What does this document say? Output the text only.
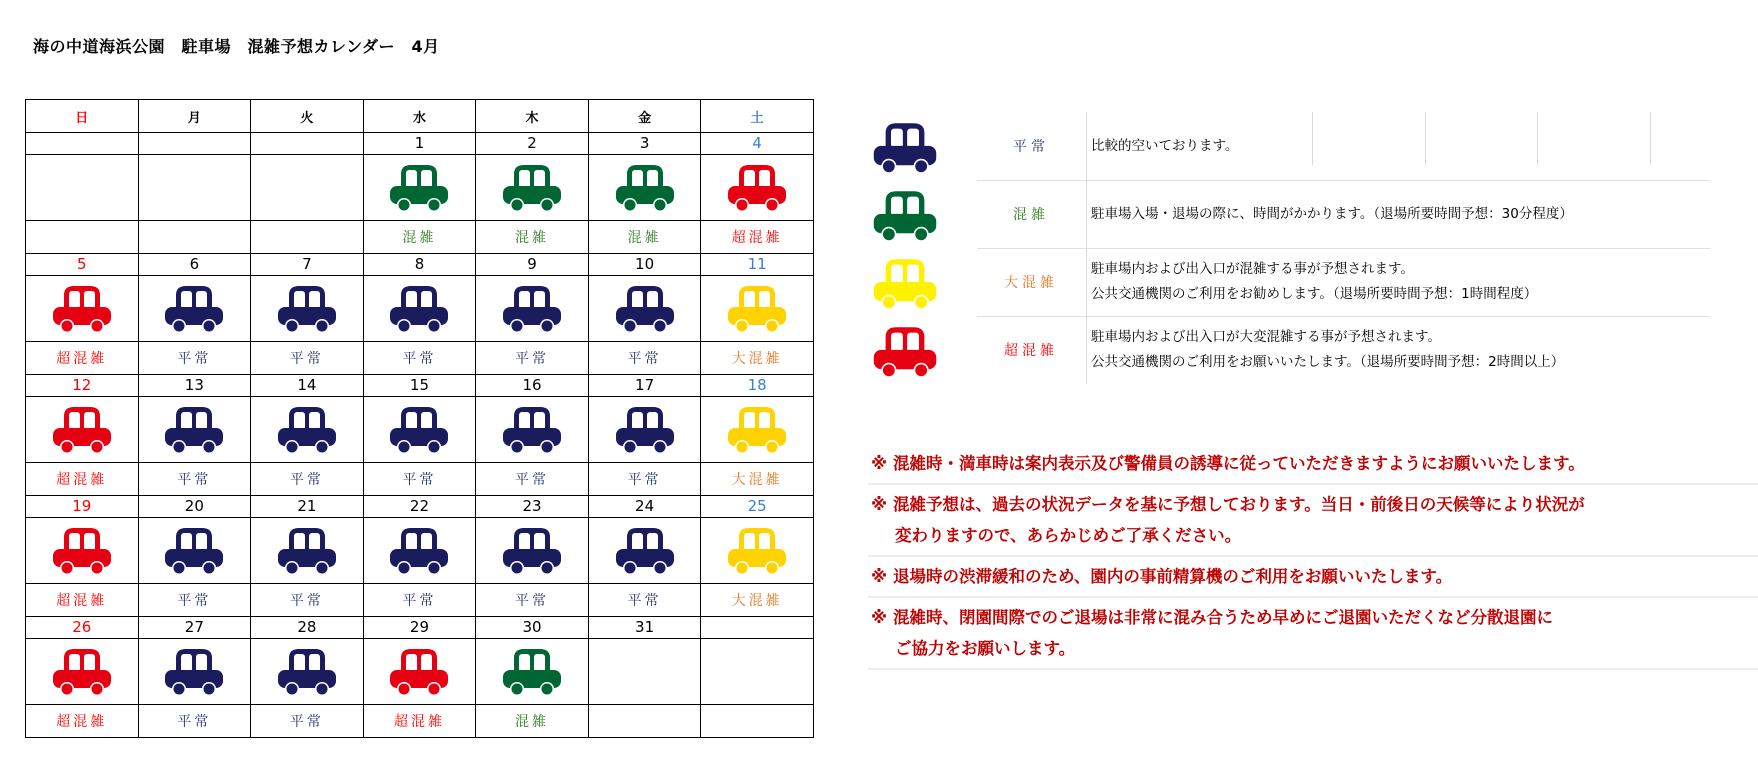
海の中道海浜公園　駐車場　混雑予想カレンダー　4月
日	月	火	水	木	金	土
			1	2	3	4

			混雑	混雑	混雑	超混雑
5	6	7	8	9	10	11

超混雑	平常	平常	平常	平常	平常	大混雑
12	13	14	15	16	17	18

超混雑	平常	平常	平常	平常	平常	大混雑
19	20	21	22	23	24	25

超混雑	平常	平常	平常	平常	平常	大混雑
26	27	28	29	30	31	

超混雑	平常	平常	超混雑	混雑		
平常	比較的空いております。
混雑	駐車場入場・退場の際に、時間がかかります。（退場所要時間予想：30分程度）
大混雑
駐車場内および出入口が混雑する事が予想されます。
公共交通機関のご利用をお勧めします。（退場所要時間予想：1時間程度）
超混雑
駐車場内および出入口が大変混雑する事が予想されます。
公共交通機関のご利用をお願いいたします。（退場所要時間予想：2時間以上）
※ 混雑時・満車時は案内表示及び警備員の誘導に従っていただきますようにお願いいたします。
※ 混雑予想は、過去の状況データを基に予想しております。当日・前後日の天候等により状況が
変わりますので、あらかじめご了承ください。
※ 退場時の渋滞緩和のため、園内の事前精算機のご利用をお願いいたします。
※ 混雑時、閉園間際でのご退場は非常に混み合うため早めにご退園いただくなど分散退園に
ご協力をお願いします。
